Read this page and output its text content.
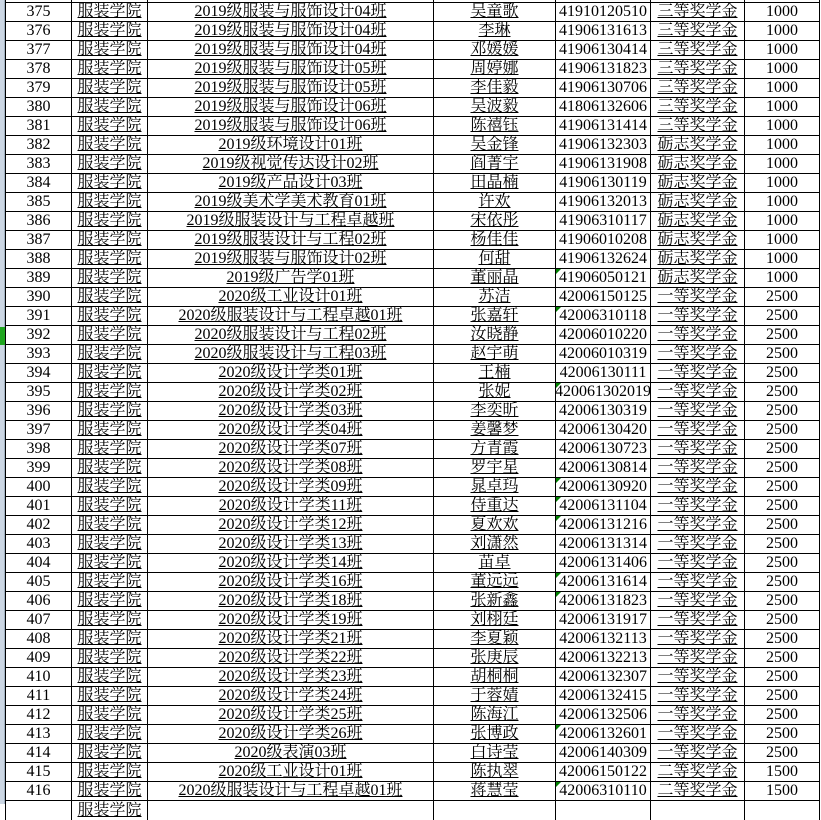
375	服装学院	2019级服装与服饰设计04班	吴童歌	41910120510 三等奖学金	1000
376	服装学院	2019级服装与服饰设计04班	李琳	41906131613 三等奖学金	1000
377	服装学院	2019级服装与服饰设计04班	邓媛媛	41906130414 三等奖学金	1000
378	服装学院	2019级服装与服饰设计05班	周婷娜	41906131823 三等奖学金	1000
379	服装学院	2019级服装与服饰设计05班	李佳毅	41906130706 三等奖学金	1000
380	服装学院	2019级服装与服饰设计06班	吴波毅	41806132606 三等奖学金	1000
381	服装学院	2019级服装与服饰设计06班	陈禧钰	41906131414 三等奖学金	1000
382	服装学院	2019级环境设计01班	吴金锋	41906132303 砺志奖学金	1000
383	服装学院	2019级视觉传达设计02班	阎菁宇	41906131908 砺志奖学金	1000
384	服装学院	2019级产品设计03班	田晶楠	41906130119 砺志奖学金	1000
385	服装学院	2019级美术学美术教育01班	许欢	41906132013 砺志奖学金	1000
386	服装学院	2019级服装设计与工程卓越班	宋依彤	41906310117 砺志奖学金	1000
387	服装学院	2019级服装设计与工程02班	杨佳佳	41906010208 砺志奖学金	1000
388	服装学院	2019级服装与服饰设计02班	何甜	41906132624 砺志奖学金	1000
389	服装学院	2019级广告学01班	董丽晶	41906050121 砺志奖学金	1000
390	服装学院	2020级工业设计01班	苏洁	42006150125 一等奖学金	2500
391	服装学院	2020级服装设计与工程卓越01班	张嘉轩	42006310118 一等奖学金	2500
392	服装学院	2020级服装设计与工程02班	汝晓静	42006010220 一等奖学金	2500
393	服装学院	2020级服装设计与工程03班	赵宇萌	42006010319 一等奖学金	2500
394	服装学院	2020级设计学类01班	王楠	42006130111 一等奖学金	2500
395	服装学院	2020级设计学类02班	张妮	420061302019 一等奖学金	2500
396	服装学院	2020级设计学类03班	李奕昕	42006130319 一等奖学金	2500
397	服装学院	2020级设计学类04班	姜馨梦	42006130420 一等奖学金	2500
398	服装学院	2020级设计学类07班	方青霞	42006130723 一等奖学金	2500
399	服装学院	2020级设计学类08班	罗宇星	42006130814 一等奖学金	2500
400	服装学院	2020级设计学类09班	晁卓玛	42006130920 一等奖学金	2500
401	服装学院	2020级设计学类11班	侍重达	42006131104 一等奖学金	2500
402	服装学院	2020级设计学类12班	夏欢欢	42006131216 一等奖学金	2500
403	服装学院	2020级设计学类13班	刘潇然	42006131314 一等奖学金	2500
404	服装学院	2020级设计学类14班	苗卓	42006131406 一等奖学金	2500
405	服装学院	2020级设计学类16班	董远远	42006131614 一等奖学金	2500
406	服装学院	2020级设计学类18班	张新鑫	42006131823 一等奖学金	2500
407	服装学院	2020级设计学类19班	刘栩廷	42006131917 一等奖学金	2500
408	服装学院	2020级设计学类21班	李夏颖	42006132113 一等奖学金	2500
409	服装学院	2020级设计学类22班	张庚辰	42006132213 一等奖学金	2500
410	服装学院	2020级设计学类23班	胡桐桐	42006132307 一等奖学金	2500
411	服装学院	2020级设计学类24班	于蓉婧	42006132415 一等奖学金	2500
412	服装学院	2020级设计学类25班	陈海江	42006132506 一等奖学金	2500
413	服装学院	2020级设计学类26班	张博政	42006132601 一等奖学金	2500
414	服装学院	2020级表演03班	白诗莹	42006140309 一等奖学金	2500
415	服装学院	2020级工业设计01班	陈执翠	42006150122 二等奖学金	1500
416	服装学院	2020级服装设计与工程卓越01班	蒋慧莹	42006310110 二等奖学金	1500
服装学院
